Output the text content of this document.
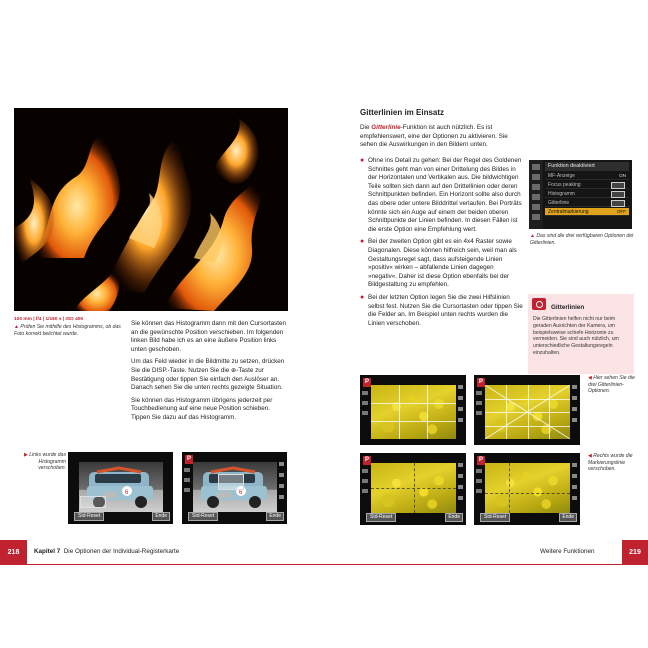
100 mm | f/4 | 1/160 s | ISO 400
▲ Prüfen Sie mithilfe des Histogramms, ob das Foto korrekt belichtet wurde.

Sie können das Histogramm dann mit den Cursortasten an die gewünschte Position verschieben. Im folgenden linken Bild habe ich es an eine äußere Position links unten geschoben.

Um das Feld wieder in die Bildmitte zu setzen, drücken Sie die DISP.-Taste. Nutzen Sie die ⊕-Taste zur Bestätigung oder tippen Sie einfach den Auslöser an. Danach sehen Sie die unten rechts gezeigte Situation.

Sie können das Histogramm übrigens jederzeit per Touchbedienung auf eine neue Position schieben. Tippen Sie dazu auf das Histogramm.

▶ Links wurde das Histogramm verschoben.
6
Std-Reset	Ende
P
6
Std-Reset	Ende
218	Kapitel 7 Die Optionen der Individual-Registerkarte
Gitterlinien im Einsatz

Die Gitterlinie-Funktion ist auch nützlich. Es ist empfehlenswert, eine der Optionen zu aktivieren. Sie sehen die Auswirkungen in den Bildern unten.

● Ohne ins Detail zu gehen: Bei der Regel des Goldenen Schnittes geht man von einer Drittelung des Bildes in der Horizontalen und Vertikalen aus. Die bildwichtigen Teile sollten sich dann auf den Drittellinien oder deren Schnittpunkten befinden. Ein Horizont sollte also durch das obere oder untere Bilddrittel verlaufen. Bei Porträts könnte sich ein Auge auf einem der beiden oberen Schnittpunkte der Linien befinden. In diesen Fällen ist die erste Option eine Empfehlung wert.

● Bei der zweiten Option gibt es ein 4x4 Raster sowie Diagonalen. Diese können hilfreich sein, weil man als Gestaltungsregel sagt, dass aufsteigende Linien »positiv« wirken – abfallende Linien dagegen »negativ«. Daher ist diese Option ebenfalls bei der Bildgestaltung zu empfehlen.

● Bei der letzten Option legen Sie die zwei Hilfslinien selbst fest. Nutzen Sie die Cursortasten oder tippen Sie die Felder an. Im Beispiel unten rechts wurden die Linien verschoben.

Funktion deaktiviert
MF-Anzeige	ON
Focus peaking
Histogramm
Gitterlinie
Zentralmarkierung	OFF
▲ Das sind die drei verfügbaren Optionen der Gitterlinien.
Gitterlinien
Die Gitterlinien helfen nicht nur beim geraden Ausrichten der Kamera, um beispielsweise schiefe Horizonte zu vermeiden. Sie sind auch nützlich, um unterschiedliche Gestaltungsregeln einzuhalten.
P	P
◀ Hier sehen Sie die drei Gitterlinien-Optionen.
P
Std-Reset	Ende
P
Std-Reset	Ende
◀ Rechts wurde die Markierungslinie verschoben.
Weitere Funktionen	219
